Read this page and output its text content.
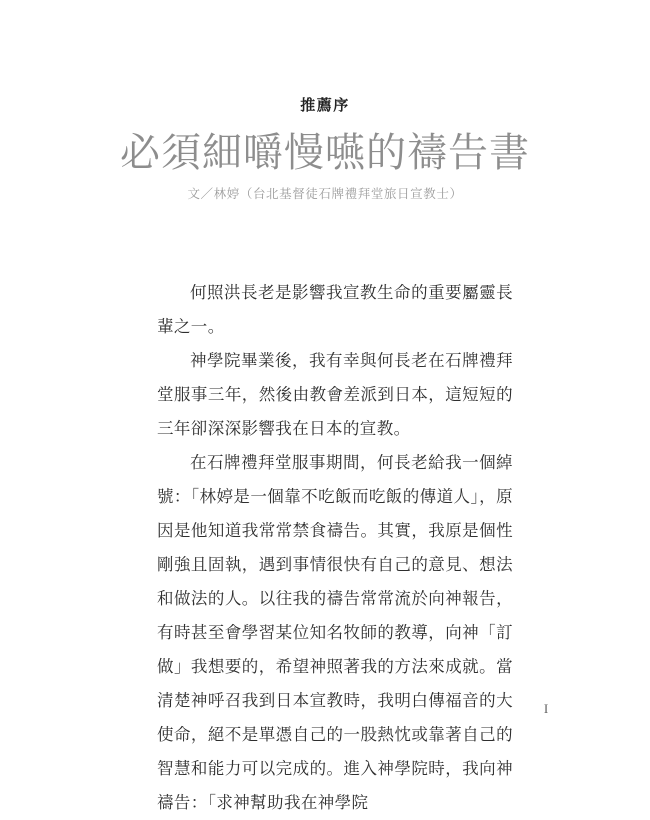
推薦序
必須細嚼慢嚥的禱告書
文／林婷（台北基督徒石牌禮拜堂旅日宣教士）

何照洪長老是影響我宣教生命的重要屬靈長輩之一。

神學院畢業後，我有幸與何長老在石牌禮拜堂服事三年，然後由教會差派到日本，這短短的三年卻深深影響我在日本的宣教。

在石牌禮拜堂服事期間，何長老給我一個綽號：「林婷是一個靠不吃飯而吃飯的傳道人」，原因是他知道我常常禁食禱告。其實，我原是個性剛強且固執，遇到事情很快有自己的意見、想法和做法的人。以往我的禱告常常流於向神報告，有時甚至會學習某位知名牧師的教導，向神「訂做」我想要的，希望神照著我的方法來成就。當清楚神呼召我到日本宣教時，我明白傳福音的大使命，絕不是單憑自己的一股熱忱或靠著自己的智慧和能力可以完成的。進入神學院時，我向神禱告：「求神幫助我在神學院

I
